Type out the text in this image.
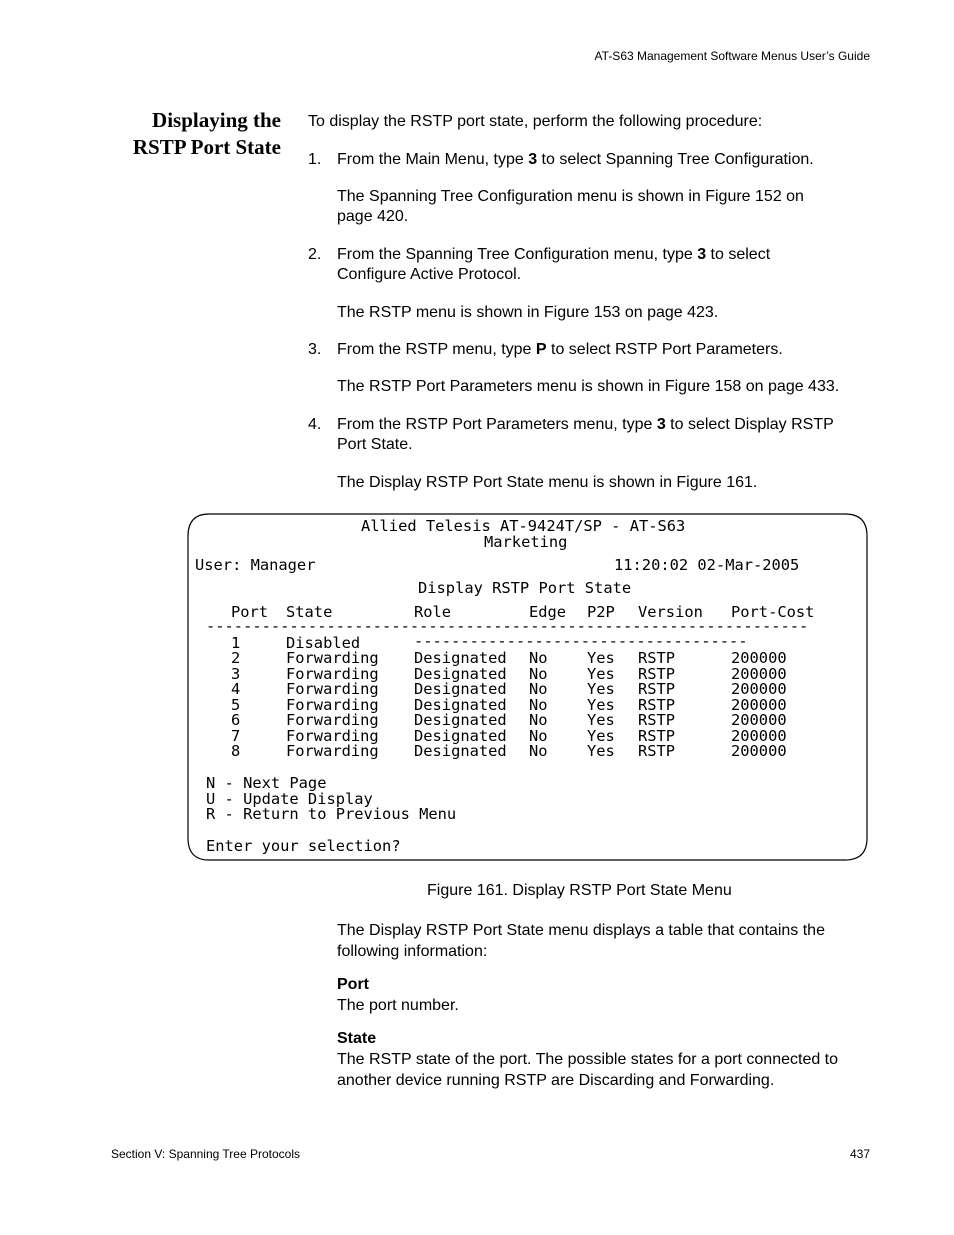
AT-S63 Management Software Menus User’s Guide
Displaying the
RSTP Port State
To display the RSTP port state, perform the following procedure:
1. From the Main Menu, type 3 to select Spanning Tree Configuration.
The Spanning Tree Configuration menu is shown in Figure 152 on
page 420.
2. From the Spanning Tree Configuration menu, type 3 to select
Configure Active Protocol.
The RSTP menu is shown in Figure 153 on page 423.
3. From the RSTP menu, type P to select RSTP Port Parameters.
The RSTP Port Parameters menu is shown in Figure 158 on page 433.
4. From the RSTP Port Parameters menu, type 3 to select Display RSTP
Port State.
The Display RSTP Port State menu is shown in Figure 161.
Allied Telesis AT-9424T/SP - AT-S63
Marketing
User: Manager	11:20:02 02-Mar-2005
Display RSTP Port State
Port State	Role	Edge P2P Version Port-Cost
-----------------------------------------------------------------
1	Disabled	------------------------------------
2	Forwarding Designated No	Yes RSTP	200000
3	Forwarding Designated No	Yes RSTP	200000
4	Forwarding Designated No	Yes RSTP	200000
5	Forwarding Designated No	Yes RSTP	200000
6	Forwarding Designated No	Yes RSTP	200000
7	Forwarding Designated No	Yes RSTP	200000
8	Forwarding Designated No	Yes RSTP	200000
N - Next Page
U - Update Display
R - Return to Previous Menu
Enter your selection?
Figure 161. Display RSTP Port State Menu
The Display RSTP Port State menu displays a table that contains the
following information:
Port
The port number.
State
The RSTP state of the port. The possible states for a port connected to
another device running RSTP are Discarding and Forwarding.
Section V: Spanning Tree Protocols	437
